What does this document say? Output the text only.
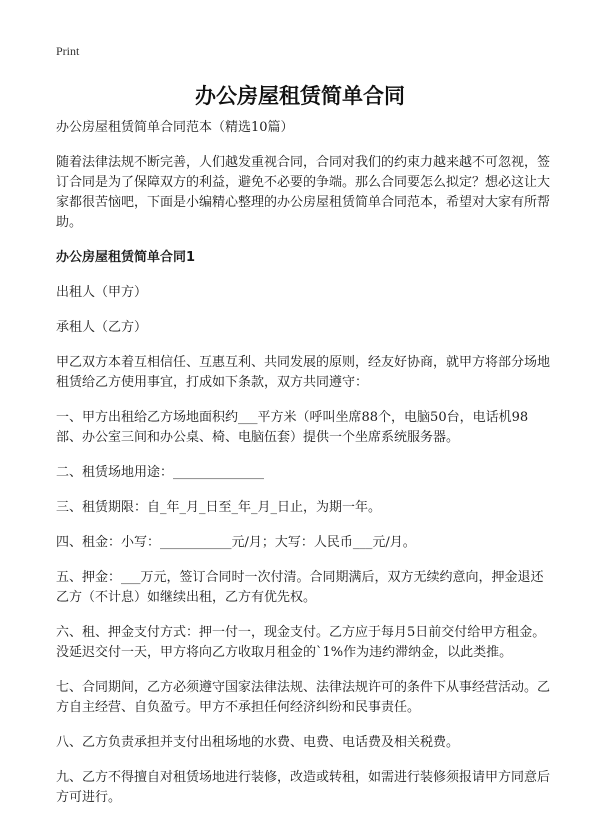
Print
办公房屋租赁简单合同

办公房屋租赁简单合同范本（精选10篇）

随着法律法规不断完善，人们越发重视合同，合同对我们的约束力越来越不可忽视，签订合同是为了保障双方的利益，避免不必要的争端。那么合同要怎么拟定？想必这让大家都很苦恼吧，下面是小编精心整理的办公房屋租赁简单合同范本，希望对大家有所帮助。

办公房屋租赁简单合同1

出租人（甲方）

承租人（乙方）

甲乙双方本着互相信任、互惠互利、共同发展的原则，经友好协商，就甲方将部分场地租赁给乙方使用事宜，打成如下条款，双方共同遵守：

一、甲方出租给乙方场地面积约___平方米（呼叫坐席88个，电脑50台，电话机98部、办公室三间和办公桌、椅、电脑伍套）提供一个坐席系统服务器。

二、租赁场地用途：______________

三、租赁期限：自_年_月_日至_年_月_日止，为期一年。

四、租金：小写：___________元/月；大写：人民币___元/月。

五、押金：___万元，签订合同时一次付清。合同期满后，双方无续约意向，押金退还乙方（不计息）如继续出租，乙方有优先权。

六、租、押金支付方式：押一付一，现金支付。乙方应于每月5日前交付给甲方租金。没延迟交付一天，甲方将向乙方收取月租金的`1%作为违约滞纳金，以此类推。

七、合同期间，乙方必须遵守国家法律法规、法律法规许可的条件下从事经营活动。乙方自主经营、自负盈亏。甲方不承担任何经济纠纷和民事责任。

八、乙方负责承担并支付出租场地的水费、电费、电话费及相关税费。

九、乙方不得擅自对租赁场地进行装修，改造或转租，如需进行装修须报请甲方同意后方可进行。
